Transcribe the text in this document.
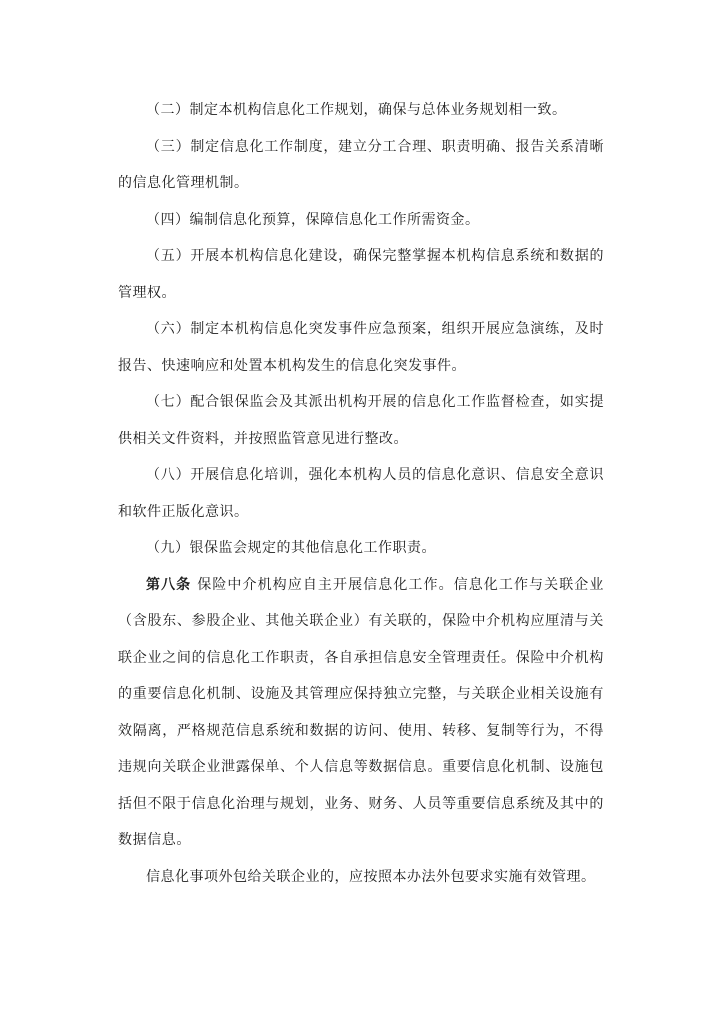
（二）制定本机构信息化工作规划，确保与总体业务规划相一致。

（三）制定信息化工作制度，建立分工合理、职责明确、报告关系清晰的信息化管理机制。

（四）编制信息化预算，保障信息化工作所需资金。

（五）开展本机构信息化建设，确保完整掌握本机构信息系统和数据的管理权。

（六）制定本机构信息化突发事件应急预案，组织开展应急演练，及时报告、快速响应和处置本机构发生的信息化突发事件。

（七）配合银保监会及其派出机构开展的信息化工作监督检查，如实提供相关文件资料，并按照监管意见进行整改。

（八）开展信息化培训，强化本机构人员的信息化意识、信息安全意识和软件正版化意识。

（九）银保监会规定的其他信息化工作职责。

第八条 保险中介机构应自主开展信息化工作。信息化工作与关联企业（含股东、参股企业、其他关联企业）有关联的，保险中介机构应厘清与关联企业之间的信息化工作职责，各自承担信息安全管理责任。保险中介机构的重要信息化机制、设施及其管理应保持独立完整，与关联企业相关设施有效隔离，严格规范信息系统和数据的访问、使用、转移、复制等行为，不得违规向关联企业泄露保单、个人信息等数据信息。重要信息化机制、设施包括但不限于信息化治理与规划，业务、财务、人员等重要信息系统及其中的数据信息。

信息化事项外包给关联企业的，应按照本办法外包要求实施有效管理。
